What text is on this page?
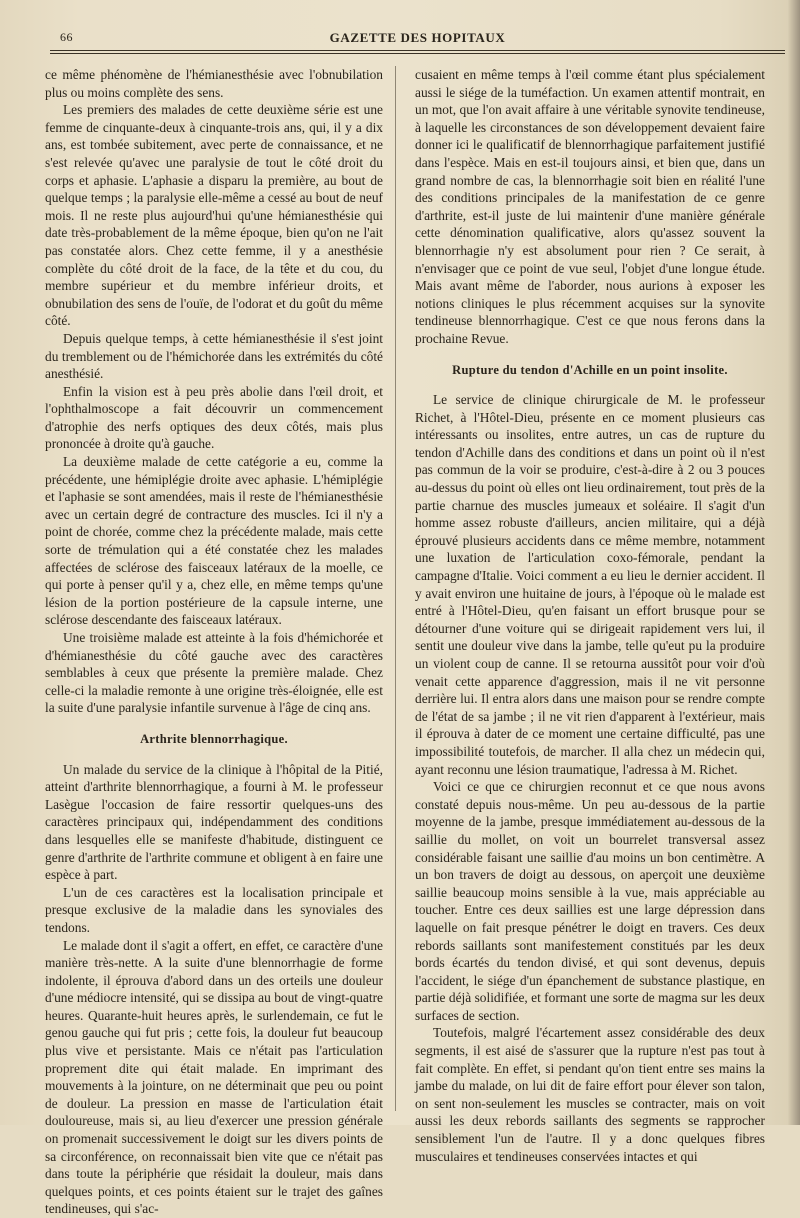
66	GAZETTE DES HOPITAUX

ce même phénomène de l'hémianesthésie avec l'obnubilation plus ou moins complète des sens.

Les premiers des malades de cette deuxième série est une femme de cinquante-deux à cinquante-trois ans, qui, il y a dix ans, est tombée subitement, avec perte de connaissance, et ne s'est relevée qu'avec une paralysie de tout le côté droit du corps et aphasie. L'aphasie a disparu la première, au bout de quelque temps ; la paralysie elle-même a cessé au bout de neuf mois. Il ne reste plus aujourd'hui qu'une hémianesthésie qui date très-probablement de la même époque, bien qu'on ne l'ait pas constatée alors. Chez cette femme, il y a anesthésie complète du côté droit de la face, de la tête et du cou, du membre supérieur et du membre inférieur droits, et obnubilation des sens de l'ouïe, de l'odorat et du goût du même côté.

Depuis quelque temps, à cette hémianesthésie il s'est joint du tremblement ou de l'hémichorée dans les extrémités du côté anesthésié.

Enfin la vision est à peu près abolie dans l'œil droit, et l'ophthalmoscope a fait découvrir un commencement d'atrophie des nerfs optiques des deux côtés, mais plus prononcée à droite qu'à gauche.

La deuxième malade de cette catégorie a eu, comme la précédente, une hémiplégie droite avec aphasie. L'hémiplégie et l'aphasie se sont amendées, mais il reste de l'hémianesthésie avec un certain degré de contracture des muscles. Ici il n'y a point de chorée, comme chez la précédente malade, mais cette sorte de trémulation qui a été constatée chez les malades affectées de sclérose des faisceaux latéraux de la moelle, ce qui porte à penser qu'il y a, chez elle, en même temps qu'une lésion de la portion postérieure de la capsule interne, une sclérose descendante des faisceaux latéraux.

Une troisième malade est atteinte à la fois d'hémichorée et d'hémianesthésie du côté gauche avec des caractères semblables à ceux que présente la première malade. Chez celle-ci la maladie remonte à une origine très-éloignée, elle est la suite d'une paralysie infantile survenue à l'âge de cinq ans.

Arthrite blennorrhagique.

Un malade du service de la clinique à l'hôpital de la Pitié, atteint d'arthrite blennorrhagique, a fourni à M. le professeur Lasègue l'occasion de faire ressortir quelques-uns des caractères principaux qui, indépendamment des conditions dans lesquelles elle se manifeste d'habitude, distinguent ce genre d'arthrite de l'arthrite commune et obligent à en faire une espèce à part.

L'un de ces caractères est la localisation principale et presque exclusive de la maladie dans les synoviales des tendons.

Le malade dont il s'agit a offert, en effet, ce caractère d'une manière très-nette. A la suite d'une blennorrhagie de forme indolente, il éprouva d'abord dans un des orteils une douleur d'une médiocre intensité, qui se dissipa au bout de vingt-quatre heures. Quarante-huit heures après, le surlendemain, ce fut le genou gauche qui fut pris ; cette fois, la douleur fut beaucoup plus vive et persistante. Mais ce n'était pas l'articulation proprement dite qui était malade. En imprimant des mouvements à la jointure, on ne déterminait que peu ou point de douleur. La pression en masse de l'articulation était douloureuse, mais si, au lieu d'exercer une pression générale on promenait successivement le doigt sur les divers points de sa circonférence, on reconnaissait bien vite que ce n'était pas dans toute la périphérie que résidait la douleur, mais dans quelques points, et ces points étaient sur le trajet des gaînes tendineuses, qui s'ac-

cusaient en même temps à l'œil comme étant plus spécialement aussi le siége de la tuméfaction. Un examen attentif montrait, en un mot, que l'on avait affaire à une véritable synovite tendineuse, à laquelle les circonstances de son développement devaient faire donner ici le qualificatif de blennorrhagique parfaitement justifié dans l'espèce. Mais en est-il toujours ainsi, et bien que, dans un grand nombre de cas, la blennorrhagie soit bien en réalité l'une des conditions principales de la manifestation de ce genre d'arthrite, est-il juste de lui maintenir d'une manière générale cette dénomination qualificative, alors qu'assez souvent la blennorrhagie n'y est absolument pour rien ? Ce serait, à n'envisager que ce point de vue seul, l'objet d'une longue étude. Mais avant même de l'aborder, nous aurions à exposer les notions cliniques le plus récemment acquises sur la synovite tendineuse blennorrhagique. C'est ce que nous ferons dans la prochaine Revue.

Rupture du tendon d'Achille en un point insolite.

Le service de clinique chirurgicale de M. le professeur Richet, à l'Hôtel-Dieu, présente en ce moment plusieurs cas intéressants ou insolites, entre autres, un cas de rupture du tendon d'Achille dans des conditions et dans un point où il n'est pas commun de la voir se produire, c'est-à-dire à 2 ou 3 pouces au-dessus du point où elles ont lieu ordinairement, tout près de la partie charnue des muscles jumeaux et soléaire. Il s'agit d'un homme assez robuste d'ailleurs, ancien militaire, qui a déjà éprouvé plusieurs accidents dans ce même membre, notamment une luxation de l'articulation coxo-fémorale, pendant la campagne d'Italie. Voici comment a eu lieu le dernier accident. Il y avait environ une huitaine de jours, à l'époque où le malade est entré à l'Hôtel-Dieu, qu'en faisant un effort brusque pour se détourner d'une voiture qui se dirigeait rapidement vers lui, il sentit une douleur vive dans la jambe, telle qu'eut pu la produire un violent coup de canne. Il se retourna aussitôt pour voir d'où venait cette apparence d'aggression, mais il ne vit personne derrière lui. Il entra alors dans une maison pour se rendre compte de l'état de sa jambe ; il ne vit rien d'apparent à l'extérieur, mais il éprouva à dater de ce moment une certaine difficulté, pas une impossibilité toutefois, de marcher. Il alla chez un médecin qui, ayant reconnu une lésion traumatique, l'adressa à M. Richet.

Voici ce que ce chirurgien reconnut et ce que nous avons constaté depuis nous-même. Un peu au-dessous de la partie moyenne de la jambe, presque immédiatement au-dessous de la saillie du mollet, on voit un bourrelet transversal assez considérable faisant une saillie d'au moins un bon centimètre. A un bon travers de doigt au dessous, on aperçoit une deuxième saillie beaucoup moins sensible à la vue, mais appréciable au toucher. Entre ces deux saillies est une large dépression dans laquelle on fait presque pénétrer le doigt en travers. Ces deux rebords saillants sont manifestement constitués par les deux bords écartés du tendon divisé, et qui sont devenus, depuis l'accident, le siége d'un épanchement de substance plastique, en partie déjà solidifiée, et formant une sorte de magma sur les deux surfaces de section.

Toutefois, malgré l'écartement assez considérable des deux segments, il est aisé de s'assurer que la rupture n'est pas tout à fait complète. En effet, si pendant qu'on tient entre ses mains la jambe du malade, on lui dit de faire effort pour élever son talon, on sent non-seulement les muscles se contracter, mais on voit aussi les deux rebords saillants des segments se rapprocher sensiblement l'un de l'autre. Il y a donc quelques fibres musculaires et tendineuses conservées intactes et qui
